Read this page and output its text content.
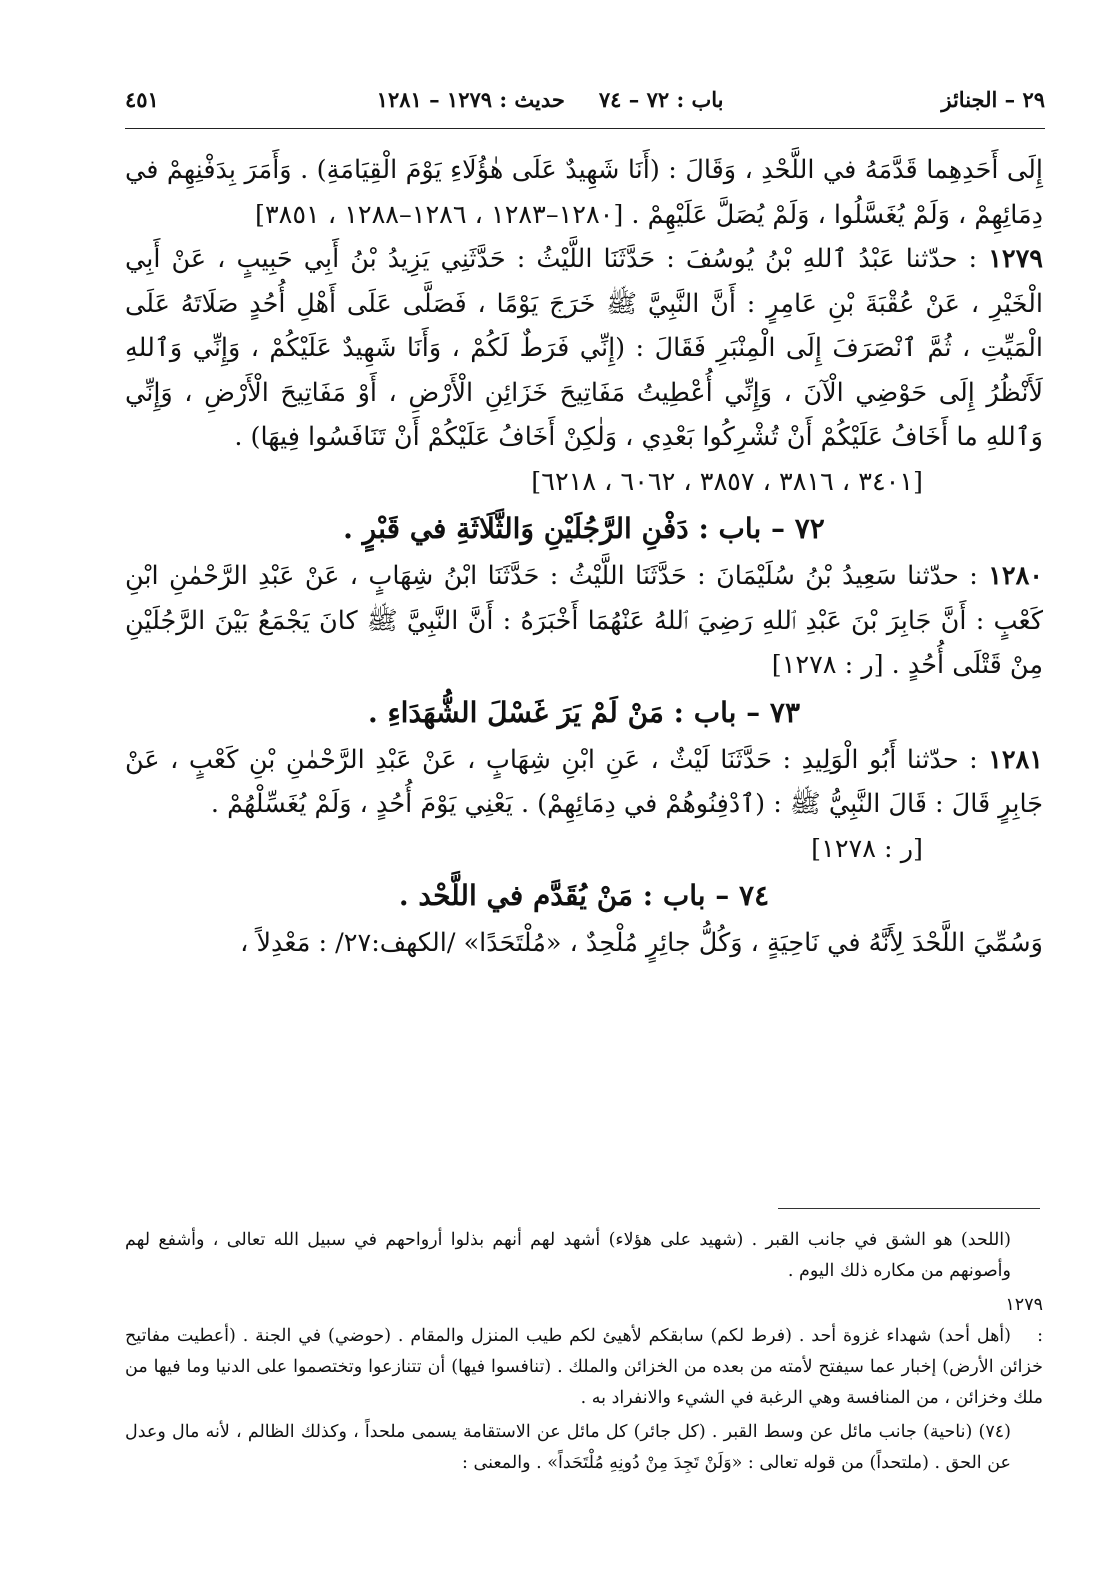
٢٩ – الجنائز
باب : ٧٢ – ٧٤
حديث : ١٢٧٩ – ١٢٨١
٤٥١

إِلَى أَحَدِهِما قَدَّمَهُ في اللَّحْدِ ، وَقَالَ : (أَنَا شَهِيدٌ عَلَى هٰؤُلَاءِ يَوْمَ الْقِيَامَةِ) . وَأَمَرَ بِدَفْنِهِمْ في دِمَائِهِمْ ، وَلَمْ يُغَسَّلُوا ، وَلَمْ يُصَلَّ عَلَيْهِمْ . [١٢٨٠–١٢٨٣ ، ١٢٨٦–١٢٨٨ ، ٣٨٥١]

١٢٧٩ : حدّثنا عَبْدُ ٱللهِ بْنُ يُوسُفَ : حَدَّثَنَا اللَّيْثُ : حَدَّثَنِي يَزِيدُ بْنُ أَبِي حَبِيبٍ ، عَنْ أَبِي الْخَيْرِ ، عَنْ عُقْبَةَ بْنِ عَامِرٍ : أَنَّ النَّبِيَّ ﷺ خَرَجَ يَوْمًا ، فَصَلَّى عَلَى أَهْلِ أُحُدٍ صَلَاتَهُ عَلَى الْمَيِّتِ ، ثُمَّ ٱنْصَرَفَ إِلَى الْمِنْبَرِ فَقَالَ : (إِنِّي فَرَطٌ لَكُمْ ، وَأَنَا شَهِيدٌ عَلَيْكُمْ ، وَإِنِّي وَٱللهِ لَأَنْظُرُ إِلَى حَوْضِي الْآنَ ، وَإِنِّي أُعْطِيتُ مَفَاتِيحَ خَزَائِنِ الْأَرْضِ ، أَوْ مَفَاتِيحَ الْأَرْضِ ، وَإِنِّي وَٱللهِ ما أَخَافُ عَلَيْكُمْ أَنْ تُشْرِكُوا بَعْدِي ، وَلٰكِنْ أَخَافُ عَلَيْكُمْ أَنْ تَنَافَسُوا فِيهَا) .

[٣٤٠١ ، ٣٨١٦ ، ٣٨٥٧ ، ٦٠٦٢ ، ٦٢١٨]

٧٢ – باب : دَفْنِ الرَّجُلَيْنِ وَالثَّلَاثَةِ في قَبْرٍ .

١٢٨٠ : حدّثنا سَعِيدُ بْنُ سُلَيْمَانَ : حَدَّثَنَا اللَّيْثُ : حَدَّثَنَا ابْنُ شِهَابٍ ، عَنْ عَبْدِ الرَّحْمٰنِ ابْنِ كَعْبٍ : أَنَّ جَابِرَ بْنَ عَبْدِ ٱللهِ رَضِيَ ٱللهُ عَنْهُمَا أَخْبَرَهُ : أَنَّ النَّبِيَّ ﷺ كانَ يَجْمَعُ بَيْنَ الرَّجُلَيْنِ مِنْ قَتْلَى أُحُدٍ . [ر : ١٢٧٨]

٧٣ – باب : مَنْ لَمْ يَرَ غَسْلَ الشُّهَدَاءِ .

١٢٨١ : حدّثنا أَبُو الْوَلِيدِ : حَدَّثَنَا لَيْثٌ ، عَنِ ابْنِ شِهَابٍ ، عَنْ عَبْدِ الرَّحْمٰنِ بْنِ كَعْبٍ ، عَنْ جَابِرٍ قَالَ : قَالَ النَّبِيُّ ﷺ : (ٱدْفِنُوهُمْ في دِمَائِهِمْ) . يَعْنِي يَوْمَ أُحُدٍ ، وَلَمْ يُغَسِّلْهُمْ .

[ر : ١٢٧٨]

٧٤ – باب : مَنْ يُقَدَّم في اللَّحْد .

وَسُمِّيَ اللَّحْدَ لِأَنَّهُ في نَاحِيَةٍ ، وَكُلُّ جائِرٍ مُلْحِدٌ ، «مُلْتَحَدًا» /الكهف:٢٧/ : مَعْدِلاً ،

(اللحد) هو الشق في جانب القبر . (شهيد على هؤلاء) أشهد لهم أنهم بذلوا أرواحهم في سبيل الله تعالى ، وأشفع لهم وأصونهم من مكاره ذلك اليوم .

١٢٧٩ :(أهل أحد) شهداء غزوة أحد . (فرط لكم) سابقكم لأهيئ لكم طيب المنزل والمقام . (حوضي) في الجنة . (أعطيت مفاتيح خزائن الأرض) إخبار عما سيفتح لأمته من بعده من الخزائن والملك . (تنافسوا فيها) أن تتنازعوا وتختصموا على الدنيا وما فيها من ملك وخزائن ، من المنافسة وهي الرغبة في الشيء والانفراد به .

(٧٤) (ناحية) جانب مائل عن وسط القبر . (كل جائر) كل مائل عن الاستقامة يسمى ملحداً ، وكذلك الظالم ، لأنه مال وعدل عن الحق . (ملتحداً) من قوله تعالى : «وَلَنْ تَجِدَ مِنْ دُونِهِ مُلْتَحَداً» . والمعنى :
